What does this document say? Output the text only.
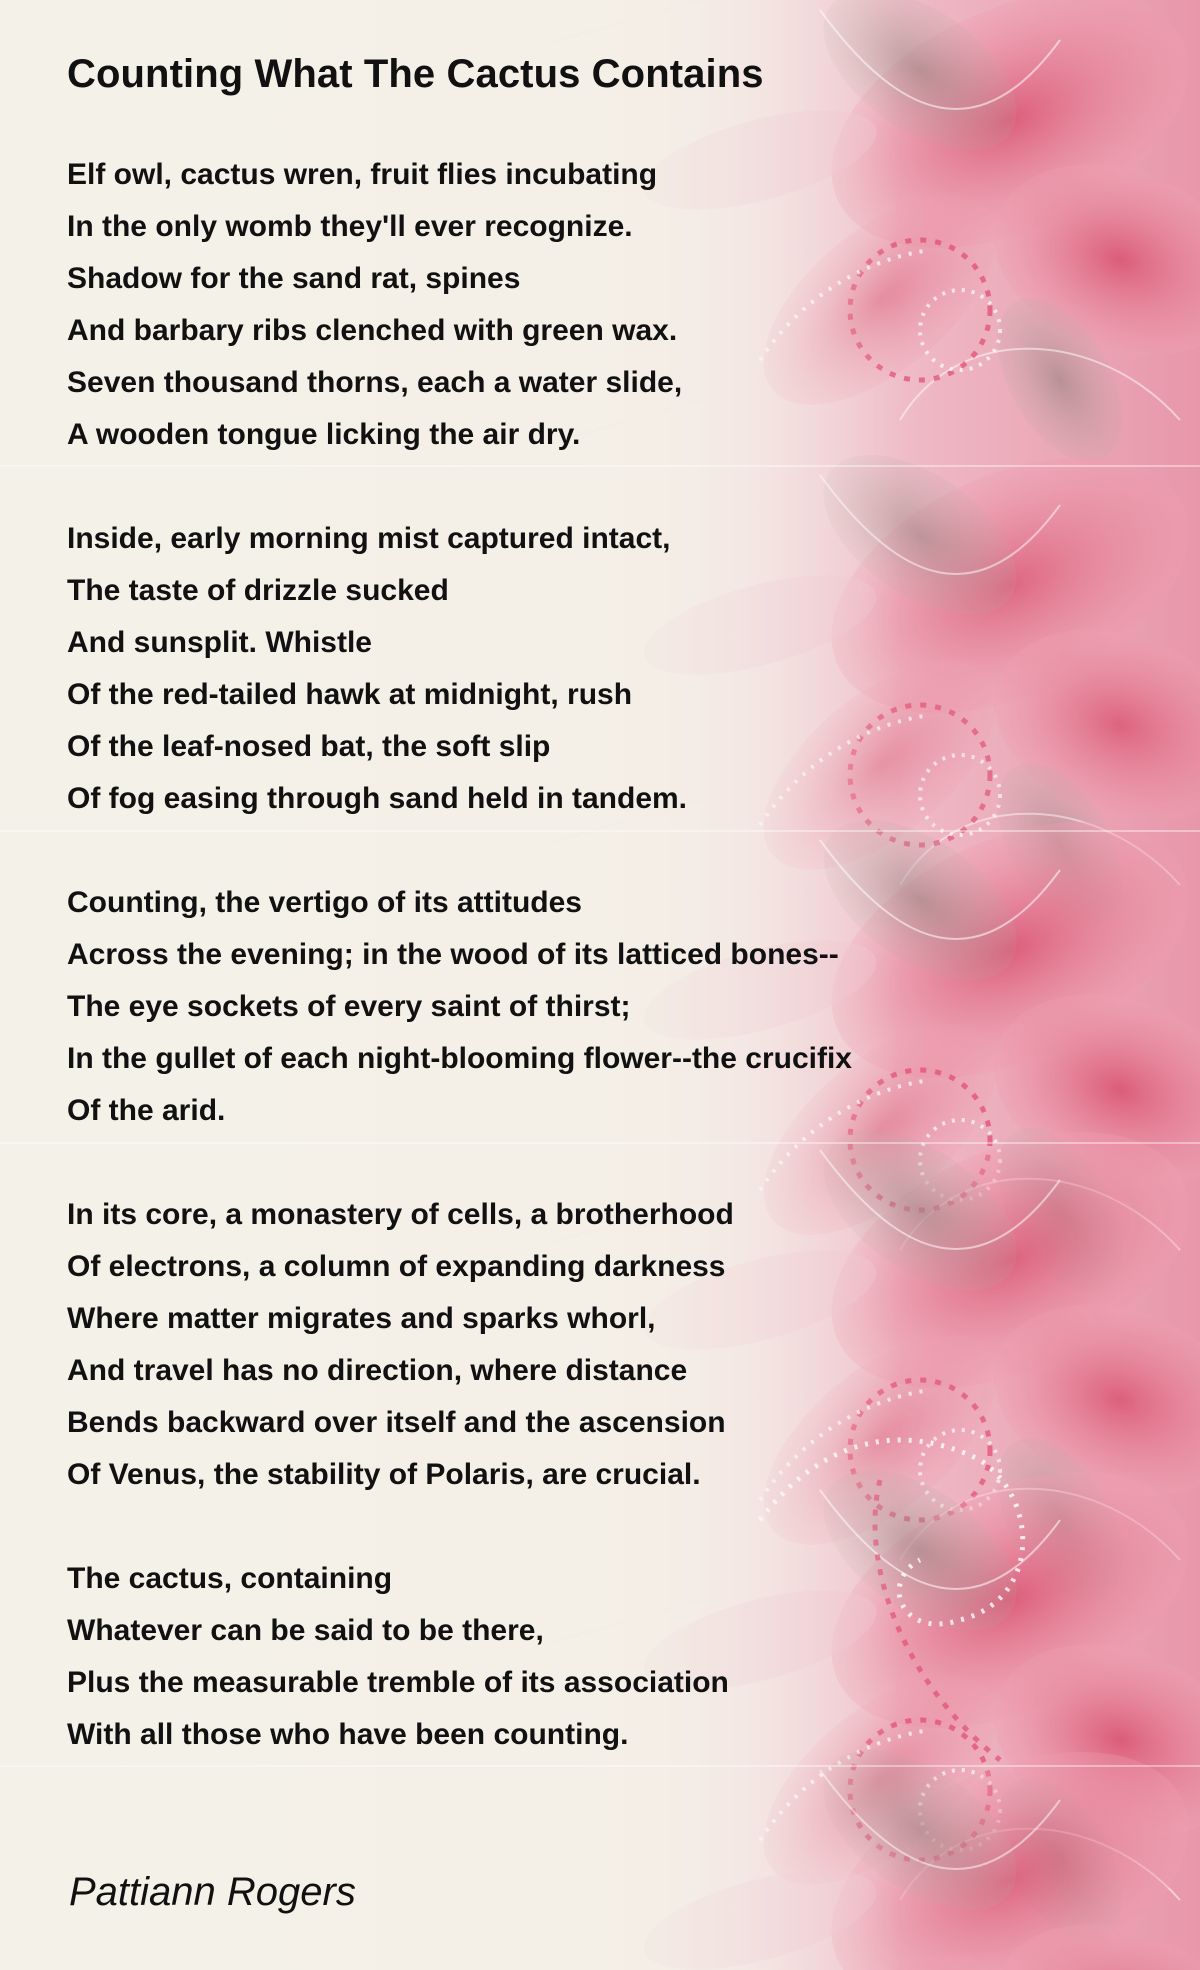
Counting What The Cactus Contains

Elf owl, cactus wren, fruit flies incubating

In the only womb they'll ever recognize.

Shadow for the sand rat, spines

And barbary ribs clenched with green wax.

Seven thousand thorns, each a water slide,

A wooden tongue licking the air dry.

Inside, early morning mist captured intact,

The taste of drizzle sucked

And sunsplit. Whistle

Of the red-tailed hawk at midnight, rush

Of the leaf-nosed bat, the soft slip

Of fog easing through sand held in tandem.

Counting, the vertigo of its attitudes

Across the evening; in the wood of its latticed bones--

The eye sockets of every saint of thirst;

In the gullet of each night-blooming flower--the crucifix

Of the arid.

In its core, a monastery of cells, a brotherhood

Of electrons, a column of expanding darkness

Where matter migrates and sparks whorl,

And travel has no direction, where distance

Bends backward over itself and the ascension

Of Venus, the stability of Polaris, are crucial.

The cactus, containing

Whatever can be said to be there,

Plus the measurable tremble of its association

With all those who have been counting.

Pattiann Rogers
